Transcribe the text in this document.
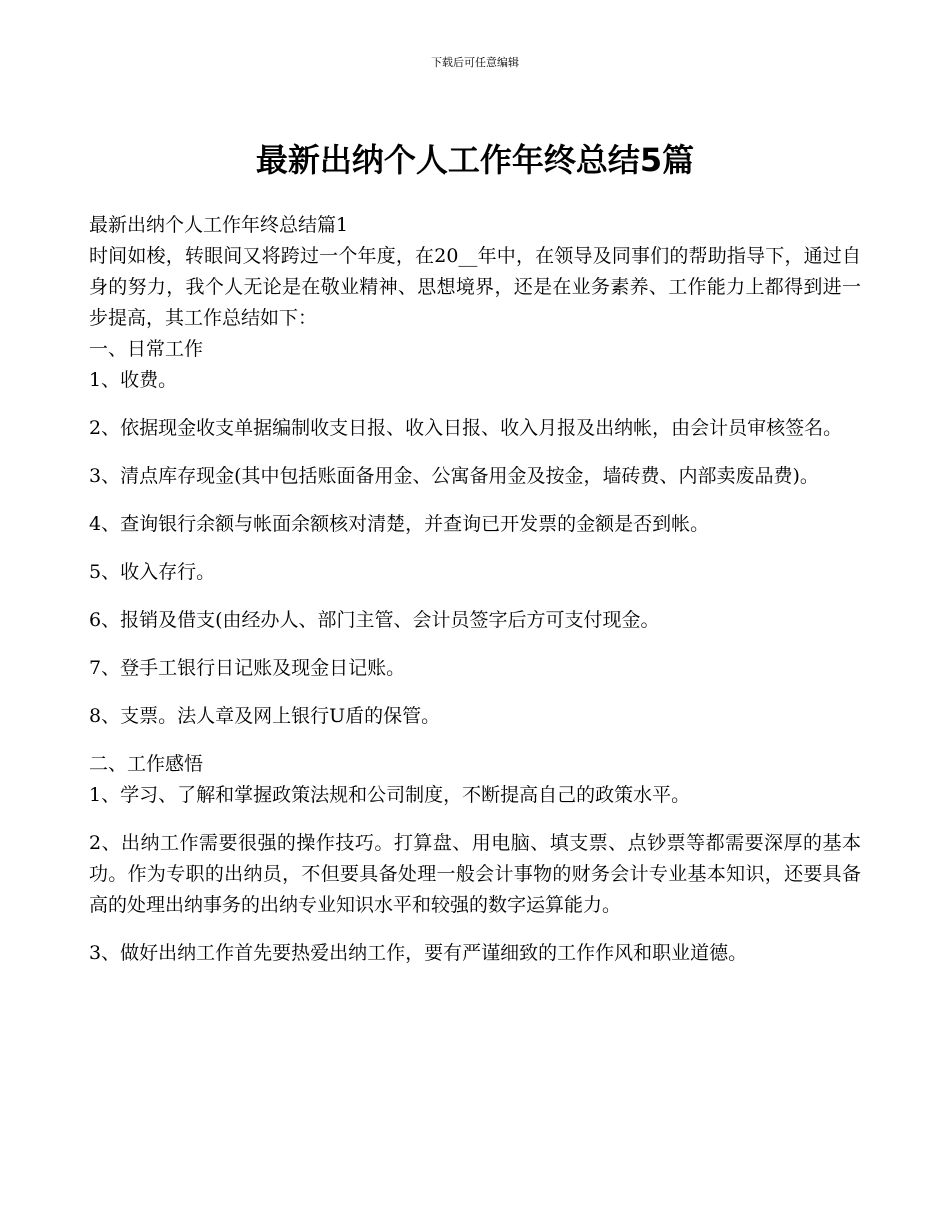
下载后可任意编辑
最新出纳个人工作年终总结5篇

最新出纳个人工作年终总结篇1

时间如梭，转眼间又将跨过一个年度，在20__年中，在领导及同事们的帮助指导下，通过自身的努力，我个人无论是在敬业精神、思想境界，还是在业务素养、工作能力上都得到进一步提高，其工作总结如下：

一、日常工作

1、收费。

2、依据现金收支单据编制收支日报、收入日报、收入月报及出纳帐，由会计员审核签名。

3、清点库存现金(其中包括账面备用金、公寓备用金及按金，墙砖费、内部卖废品费)。

4、查询银行余额与帐面余额核对清楚，并查询已开发票的金额是否到帐。

5、收入存行。

6、报销及借支(由经办人、部门主管、会计员签字后方可支付现金。

7、登手工银行日记账及现金日记账。

8、支票。法人章及网上银行U盾的保管。

二、工作感悟

1、学习、了解和掌握政策法规和公司制度，不断提高自己的政策水平。

2、出纳工作需要很强的操作技巧。打算盘、用电脑、填支票、点钞票等都需要深厚的基本功。作为专职的出纳员，不但要具备处理一般会计事物的财务会计专业基本知识，还要具备高的处理出纳事务的出纳专业知识水平和较强的数字运算能力。

3、做好出纳工作首先要热爱出纳工作，要有严谨细致的工作作风和职业道德。
